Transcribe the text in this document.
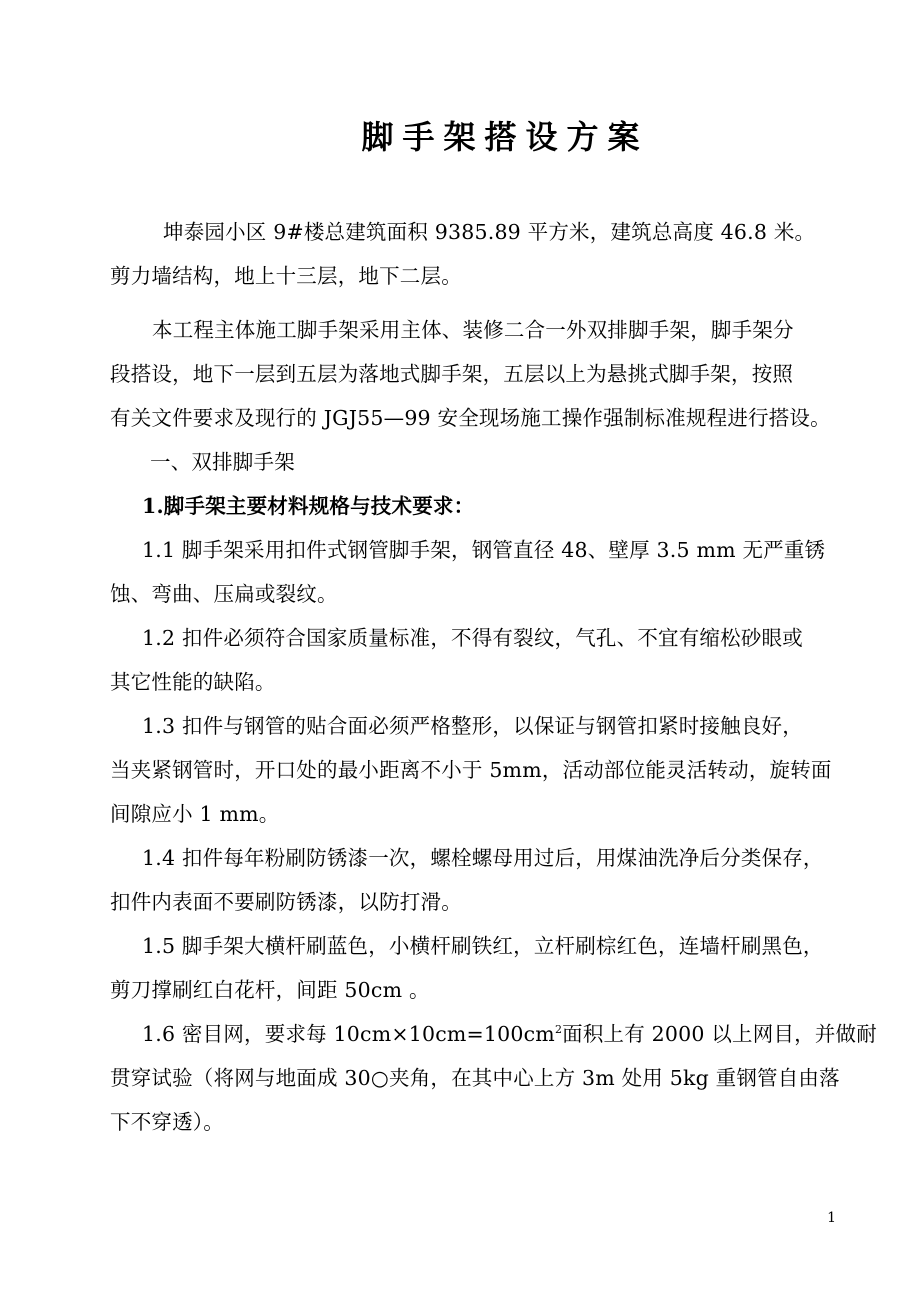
脚手架搭设方案
坤泰园小区 9#楼总建筑面积 9385.89 平方米，建筑总高度 46.8 米。
剪力墙结构，地上十三层，地下二层。
本工程主体施工脚手架采用主体、装修二合一外双排脚手架，脚手架分
段搭设，地下一层到五层为落地式脚手架，五层以上为悬挑式脚手架，按照
有关文件要求及现行的 JGJ55—99 安全现场施工操作强制标准规程进行搭设。
一、双排脚手架
1.脚手架主要材料规格与技术要求：
1.1 脚手架采用扣件式钢管脚手架，钢管直径 48、壁厚 3.5 mm 无严重锈
蚀、弯曲、压扁或裂纹。
1.2 扣件必须符合国家质量标准，不得有裂纹，气孔、不宜有缩松砂眼或
其它性能的缺陷。
1.3 扣件与钢管的贴合面必须严格整形，以保证与钢管扣紧时接触良好，
当夹紧钢管时，开口处的最小距离不小于 5mm，活动部位能灵活转动，旋转面
间隙应小 1 mm。
1.4 扣件每年粉刷防锈漆一次，螺栓螺母用过后，用煤油洗净后分类保存，
扣件内表面不要刷防锈漆，以防打滑。
1.5 脚手架大横杆刷蓝色，小横杆刷铁红，立杆刷棕红色，连墙杆刷黑色，
剪刀撑刷红白花杆，间距 50cm 。
1.6 密目网，要求每 $10cm\times 10cm=100cm^2$面积上有 2000 以上网目，并做耐
贯穿试验（将网与地面成 30○夹角，在其中心上方 3m 处用 5kg 重钢管自由落
下不穿透）。
1
